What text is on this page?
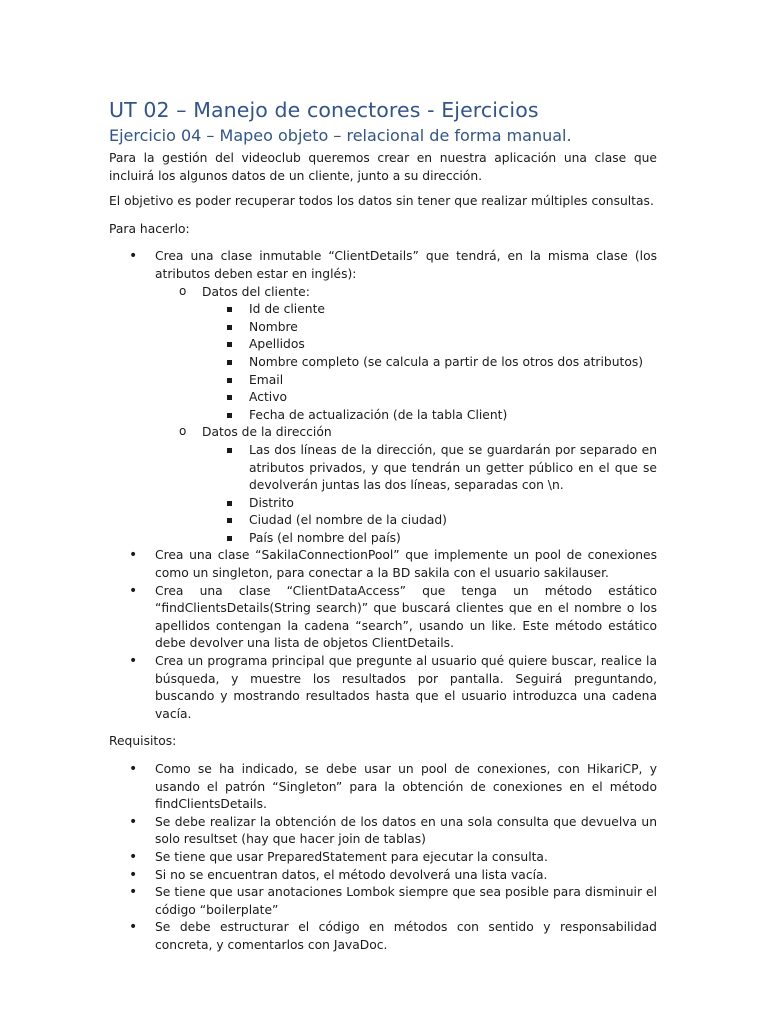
UT 02 – Manejo de conectores - Ejercicios
Ejercicio 04 – Mapeo objeto – relacional de forma manual.

Para la gestión del videoclub queremos crear en nuestra aplicación una clase que incluirá los algunos datos de un cliente, junto a su dirección.

El objetivo es poder recuperar todos los datos sin tener que realizar múltiples consultas.

Para hacerlo:

• Crea una clase inmutable “ClientDetails” que tendrá, en la misma clase (los atributos deben estar en inglés):
o Datos del cliente:
Id de cliente
Nombre
Apellidos
Nombre completo (se calcula a partir de los otros dos atributos)
Email
Activo
Fecha de actualización (de la tabla Client)
o Datos de la dirección
Las dos líneas de la dirección, que se guardarán por separado en atributos privados, y que tendrán un getter público en el que se devolverán juntas las dos líneas, separadas con \n.
Distrito
Ciudad (el nombre de la ciudad)
País (el nombre del país)
• Crea una clase “SakilaConnectionPool” que implemente un pool de conexiones como un singleton, para conectar a la BD sakila con el usuario sakilauser.
• Crea una clase “ClientDataAccess” que tenga un método estático “findClientsDetails(String search)” que buscará clientes que en el nombre o los apellidos contengan la cadena “search”, usando un like. Este método estático debe devolver una lista de objetos ClientDetails.
• Crea un programa principal que pregunte al usuario qué quiere buscar, realice la búsqueda, y muestre los resultados por pantalla. Seguirá preguntando, buscando y mostrando resultados hasta que el usuario introduzca una cadena vacía.

Requisitos:

• Como se ha indicado, se debe usar un pool de conexiones, con HikariCP, y usando el patrón “Singleton” para la obtención de conexiones en el método findClientsDetails.
• Se debe realizar la obtención de los datos en una sola consulta que devuelva un solo resultset (hay que hacer join de tablas)
• Se tiene que usar PreparedStatement para ejecutar la consulta.
• Si no se encuentran datos, el método devolverá una lista vacía.
• Se tiene que usar anotaciones Lombok siempre que sea posible para disminuir el código “boilerplate”
• Se debe estructurar el código en métodos con sentido y responsabilidad concreta, y comentarlos con JavaDoc.
